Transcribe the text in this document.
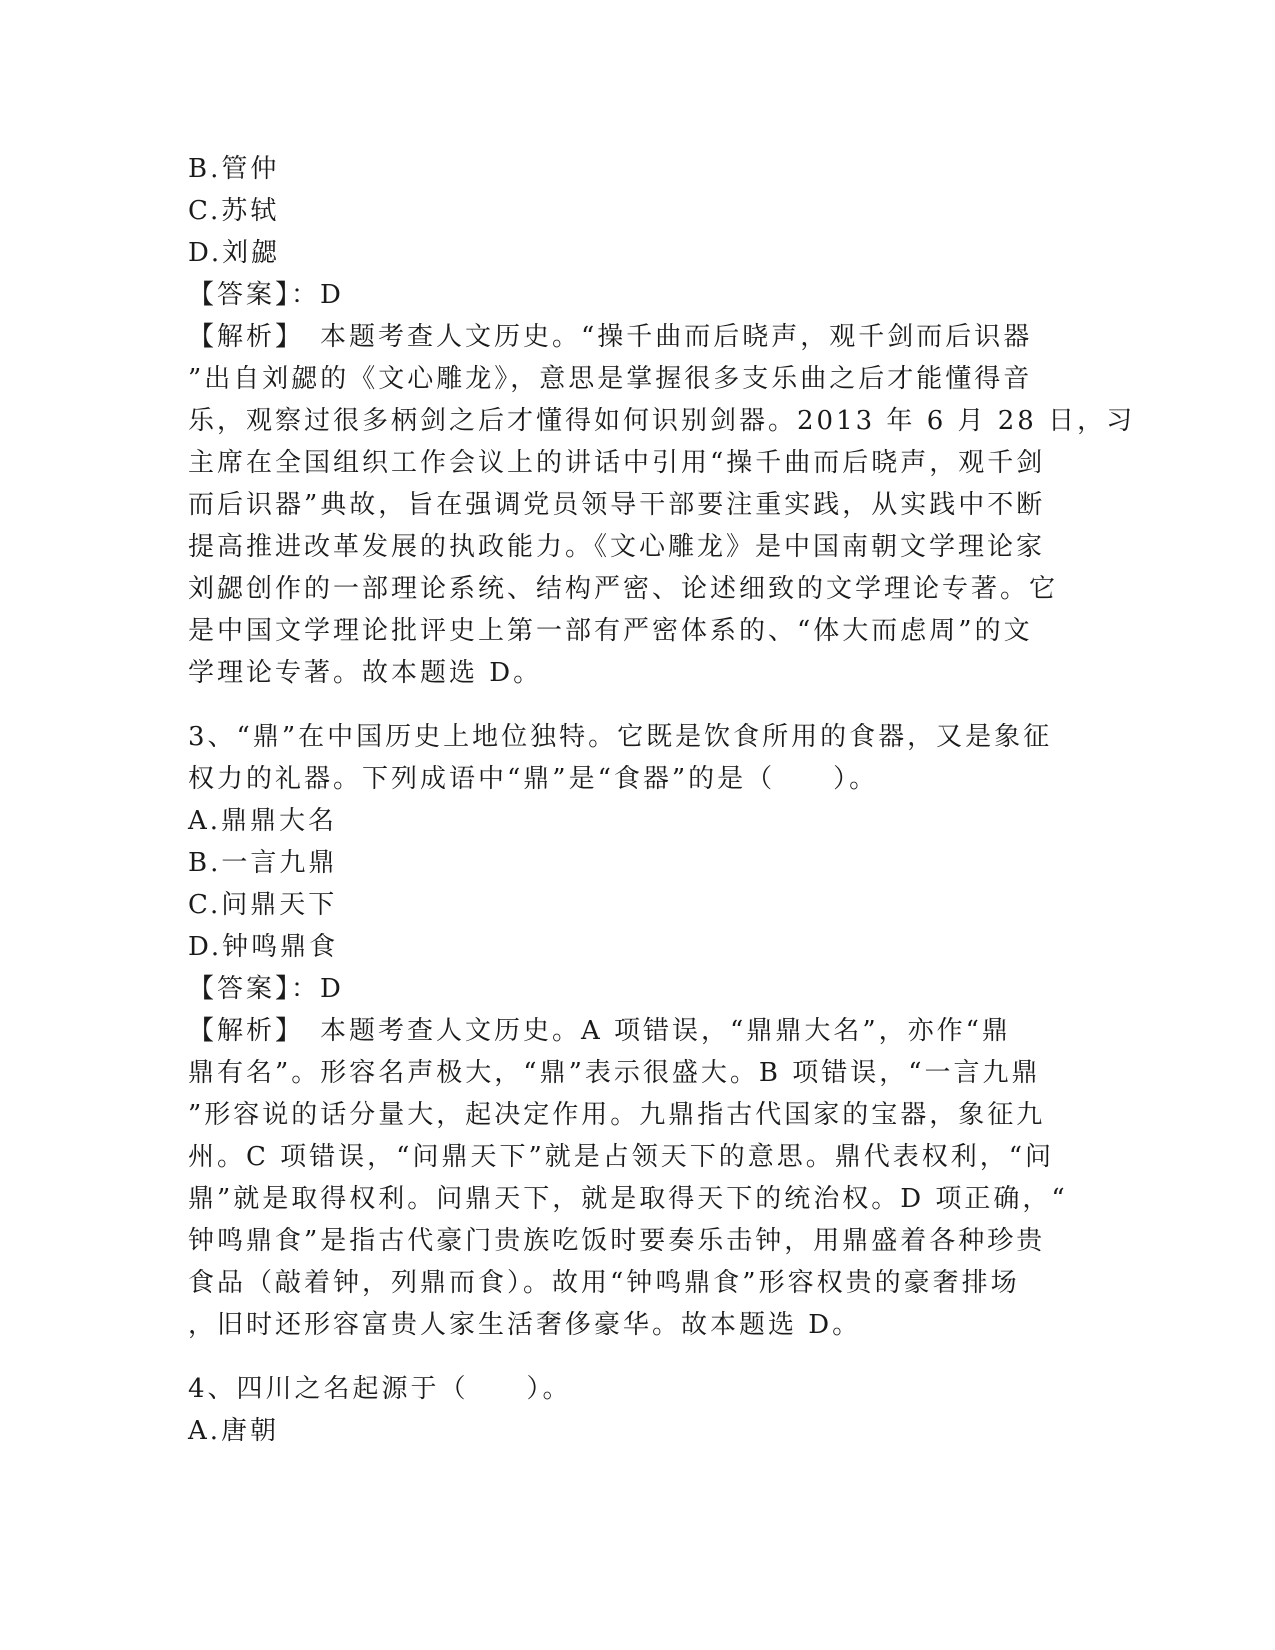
B.管仲
C.苏轼
D.刘勰
【答案】：D
【解析】　本题考查人文历史。“操千曲而后晓声，观千剑而后识器
”出自刘勰的《文心雕龙》，意思是掌握很多支乐曲之后才能懂得音
乐，观察过很多柄剑之后才懂得如何识别剑器。2013 年 6 月 28 日，习
主席在全国组织工作会议上的讲话中引用“操千曲而后晓声，观千剑
而后识器”典故，旨在强调党员领导干部要注重实践，从实践中不断
提高推进改革发展的执政能力。《文心雕龙》是中国南朝文学理论家
刘勰创作的一部理论系统、结构严密、论述细致的文学理论专著。它
是中国文学理论批评史上第一部有严密体系的、“体大而虑周”的文
学理论专著。故本题选 D。
3、“鼎”在中国历史上地位独特。它既是饮食所用的食器，又是象征
权力的礼器。下列成语中“鼎”是“食器”的是（　　）。
A.鼎鼎大名
B.一言九鼎
C.问鼎天下
D.钟鸣鼎食
【答案】：D
【解析】　本题考查人文历史。A 项错误，“鼎鼎大名”，亦作“鼎
鼎有名”。形容名声极大，“鼎”表示很盛大。B 项错误，“一言九鼎
”形容说的话分量大，起决定作用。九鼎指古代国家的宝器，象征九
州。C 项错误，“问鼎天下”就是占领天下的意思。鼎代表权利，“问
鼎”就是取得权利。问鼎天下，就是取得天下的统治权。D 项正确，“
钟鸣鼎食”是指古代豪门贵族吃饭时要奏乐击钟，用鼎盛着各种珍贵
食品（敲着钟，列鼎而食）。故用“钟鸣鼎食”形容权贵的豪奢排场
，旧时还形容富贵人家生活奢侈豪华。故本题选 D。
4、四川之名起源于（　　）。
A.唐朝
